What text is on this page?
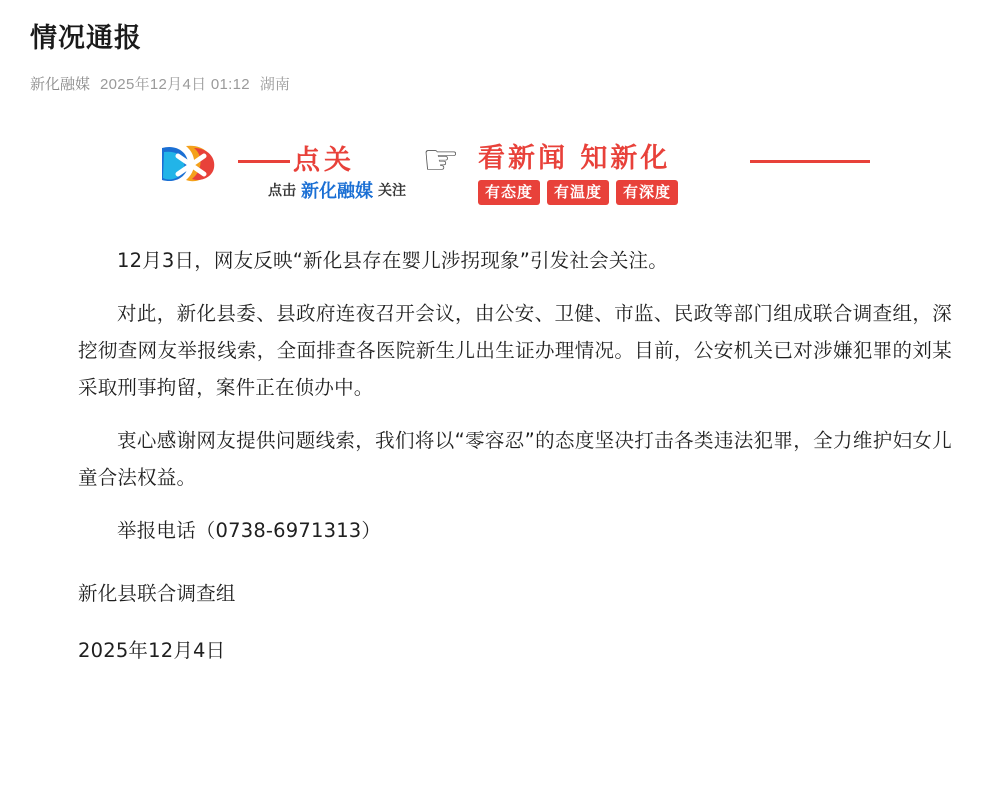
情况通报
新化融媒 2025年12月4日 01:12 湖南
点关
点击 新化融媒 关注
☞ 看新闻 知新化
有态度	有温度	有深度

12月3日，网友反映“新化县存在婴儿涉拐现象”引发社会关注。

对此，新化县委、县政府连夜召开会议，由公安、卫健、市监、民政等部门组成联合调查组，深挖彻查网友举报线索，全面排查各医院新生儿出生证办理情况。目前，公安机关已对涉嫌犯罪的刘某采取刑事拘留，案件正在侦办中。

衷心感谢网友提供问题线索，我们将以“零容忍”的态度坚决打击各类违法犯罪，全力维护妇女儿童合法权益。

举报电话（0738-6971313）

新化县联合调查组

2025年12月4日
